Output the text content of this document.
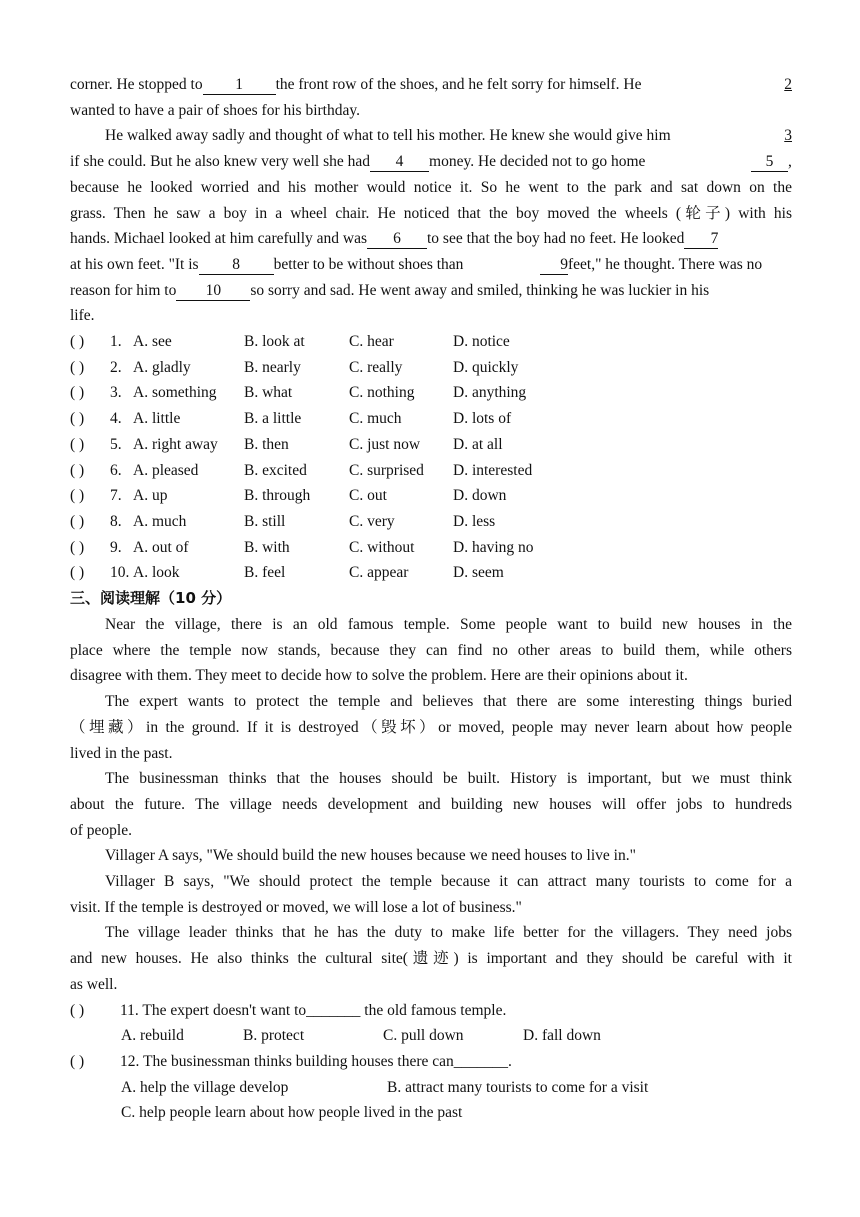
corner. He stopped to 1 the front row of the shoes, and he felt sorry for himself. He	2
wanted to have a pair of shoes for his birthday.
He walked away sadly and thought of what to tell his mother. He knew she would give him	3
if she could. But he also knew very well she had 4 money. He decided not to go home	5 ,
because he looked worried and his mother would notice it. So he went to the park and sat down on the
grass. Then he saw a boy in a wheel chair. He noticed that the boy moved the wheels (轮子) with his
hands. Michael looked at him carefully and was 6 to see that the boy had no feet. He looked 7
at his own feet. "It is 8 better to be without shoes than	9feet," he thought. There was no
reason for him to 10 so sorry and sad. He went away and smiled, thinking he was luckier in his
life.
( ) 1. A. see	B. look at	C. hear	D. notice
( ) 2. A. gladly	B. nearly	C. really	D. quickly
( ) 3. A. something B. what	C. nothing D. anything
( ) 4. A. little	B. a little	C. much	D. lots of
( ) 5. A. right away B. then	C. just now D. at all
( ) 6. A. pleased	B. excited	C. surprised D. interested
( ) 7. A. up	B. through C. out	D. down
( ) 8. A. much	B. still	C. very	D. less
( ) 9. A. out of	B. with	C. without D. having no
( ) 10. A. look	B. feel	C. appear	D. seem
三、阅读理解（10 分）
Near the village, there is an old famous temple. Some people want to build new houses in the
place where the temple now stands, because they can find no other areas to build them, while others
disagree with them. They meet to decide how to solve the problem. Here are their opinions about it.
The expert wants to protect the temple and believes that there are some interesting things buried
（埋藏）in the ground. If it is destroyed（毁坏）or moved, people may never learn about how people
lived in the past.
The businessman thinks that the houses should be built. History is important, but we must think
about the future. The village needs development and building new houses will offer jobs to hundreds
of people.
Villager A says, "We should build the new houses because we need houses to live in."
Villager B says, "We should protect the temple because it can attract many tourists to come for a
visit. If the temple is destroyed or moved, we will lose a lot of business."
The village leader thinks that he has the duty to make life better for the villagers. They need jobs
and new houses. He also thinks the cultural site(遗迹) is important and they should be careful with it
as well.
( ) 11. The expert doesn't want to_______ the old famous temple.
A. rebuild	B. protect	C. pull down	D. fall down
( ) 12. The businessman thinks building houses there can_______.
A. help the village develop	B. attract many tourists to come for a visit
C. help people learn about how people lived in the past
